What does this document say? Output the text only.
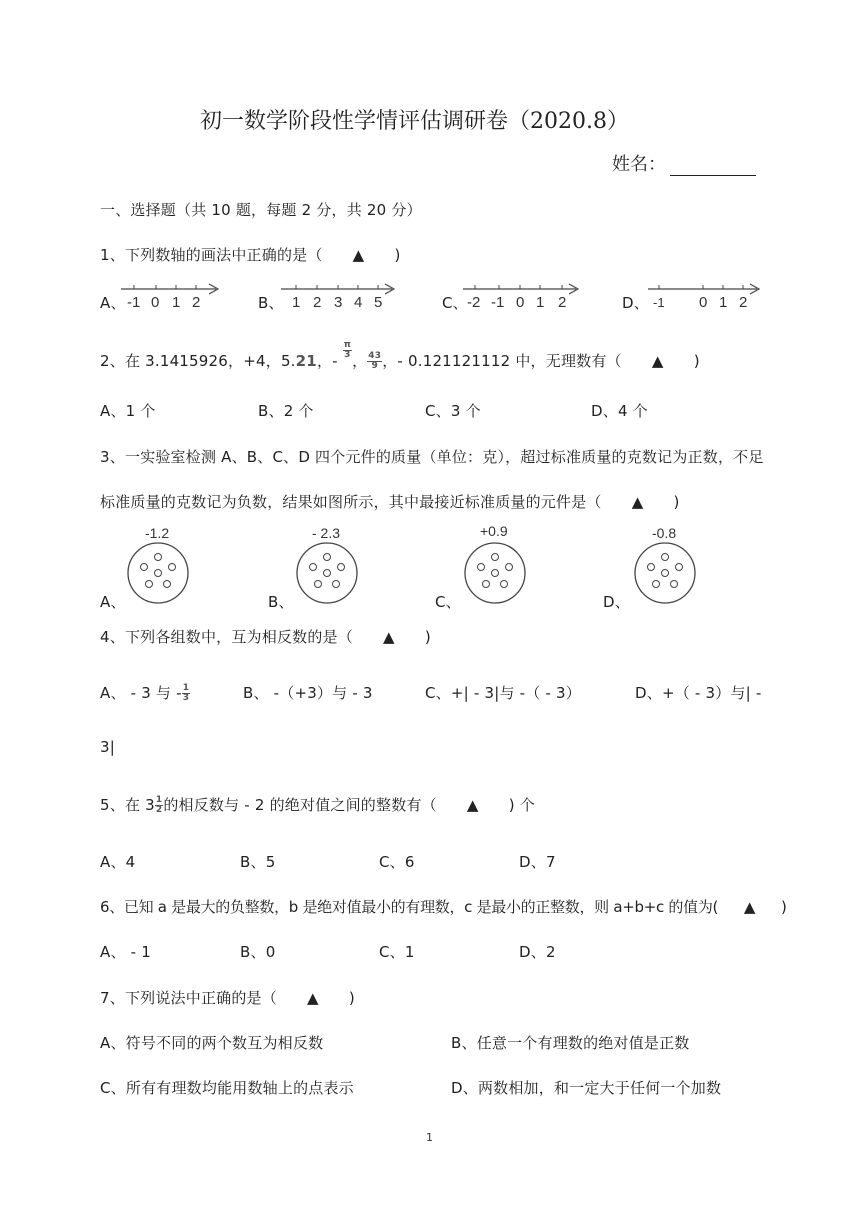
初一数学阶段性学情评估调研卷（2020.8）
姓名：
一、选择题（共 10 题，每题 2 分，共 20 分）
1、下列数轴的画法中正确的是（ ▲ )
A、 -1 0 1 2	B、 1 2 3 4 5	C、 -2 -1 0 1 2	D、 -1 0 1 2
2、在 3.1415926，+4，5.21，-
$\frac{\pi}{3}$
， $\frac{43}{9}$ ，- 0.121121112 中，无理数有（ ▲ )
A、1 个	B、2 个	C、3 个	D、4 个
3、一实验室检测 A、B、C、D 四个元件的质量（单位：克），超过标准质量的克数记为正数，不足
标准质量的克数记为负数，结果如图所示，其中最接近标准质量的元件是（ ▲ )
A、
-1.2
B、
- 2.3
C、
+0.9
D、
-0.8
4、下列各组数中，互为相反数的是（ ▲ )
A、 - 3 与 - $\frac{1}{3}$	B、 -（+3）与 - 3	C、+| - 3|与 -（ - 3）	D、+（ - 3）与| -
3|
5、在 $3 \frac{1}{2}$ 的相反数与 - 2 的绝对值之间的整数有（ ▲ ) 个
A、4	B、5	C、6	D、7
6、已知 a 是最大的负整数，b 是绝对值最小的有理数，c 是最小的正整数，则 a+b+c 的值为( ▲ )
A、 - 1	B、0	C、1	D、2
7、下列说法中正确的是（ ▲ )
A、符号不同的两个数互为相反数	B、任意一个有理数的绝对值是正数
C、所有有理数均能用数轴上的点表示	D、两数相加，和一定大于任何一个加数
1
